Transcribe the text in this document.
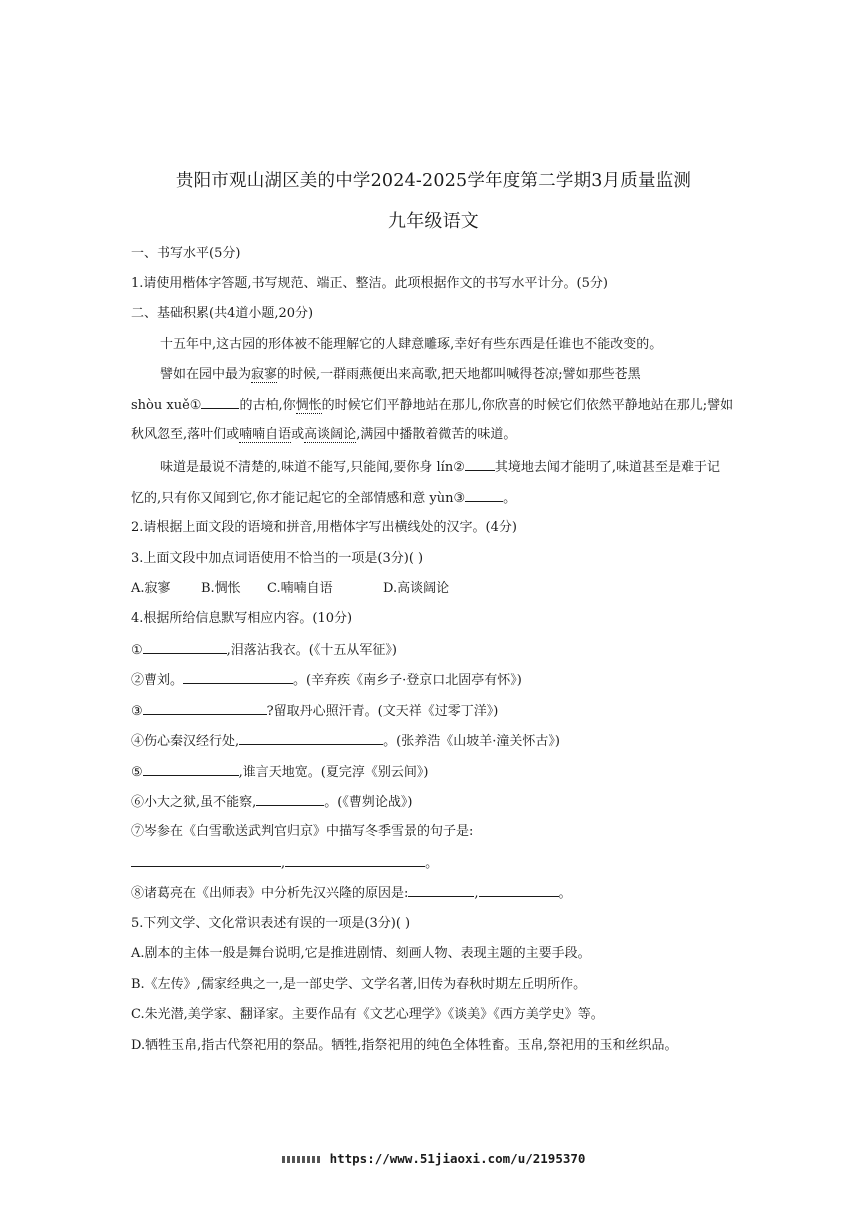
贵阳市观山湖区美的中学2024-2025学年度第二学期3月质量监测
九年级语文
一、书写水平(5分)
1.请使用楷体字答题,书写规范、端正、整洁。此项根据作文的书写水平计分。(5分)
二、基础积累(共4道小题,20分)
十五年中,这古园的形体被不能理解它的人肆意雕琢,幸好有些东西是任谁也不能改变的。
譬如在园中最为寂寥的时候,一群雨燕便出来高歌,把天地都叫喊得苍凉;譬如那些苍黑
shòu xuě①	的古柏,你惆怅的时候它们平静地站在那儿,你欣喜的时候它们依然平静地站在那儿;譬如
秋风忽至,落叶们或喃喃自语或高谈阔论,满园中播散着微苦的味道。
味道是最说不清楚的,味道不能写,只能闻,要你身 lín② 其境地去闻才能明了,味道甚至是难于记
忆的,只有你又闻到它,你才能记起它的全部情感和意 yùn③	。
2.请根据上面文段的语境和拼音,用楷体字写出横线处的汉字。(4分)
3.上面文段中加点词语使用不恰当的一项是(3分)( )
A.寂寥 B.惆怅 C.喃喃自语	D.高谈阔论
4.根据所给信息默写相应内容。(10分)
①	,泪落沾我衣。(《十五从军征》)
②曹刘。	。(辛弃疾《南乡子·登京口北固亭有怀》)
③	?留取丹心照汗青。(文天祥《过零丁洋》)
④伤心秦汉经行处,	。(张养浩《山坡羊·潼关怀古》)
⑤	,谁言天地宽。(夏完淳《别云间》)
⑥小大之狱,虽不能察,	。(《曹刿论战》)
⑦岑参在《白雪歌送武判官归京》中描写冬季雪景的句子是:
,	。
⑧诸葛亮在《出师表》中分析先汉兴隆的原因是:	,	。
5.下列文学、文化常识表述有误的一项是(3分)( )
A.剧本的主体一般是舞台说明,它是推进剧情、刻画人物、表现主题的主要手段。
B.《左传》,儒家经典之一,是一部史学、文学名著,旧传为春秋时期左丘明所作。
C.朱光潜,美学家、翻译家。主要作品有《文艺心理学》《谈美》《西方美学史》等。
D.牺牲玉帛,指古代祭祀用的祭品。牺牲,指祭祀用的纯色全体牲畜。玉帛,祭祀用的玉和丝织品。
https://www.51jiaoxi.com/u/2195370
